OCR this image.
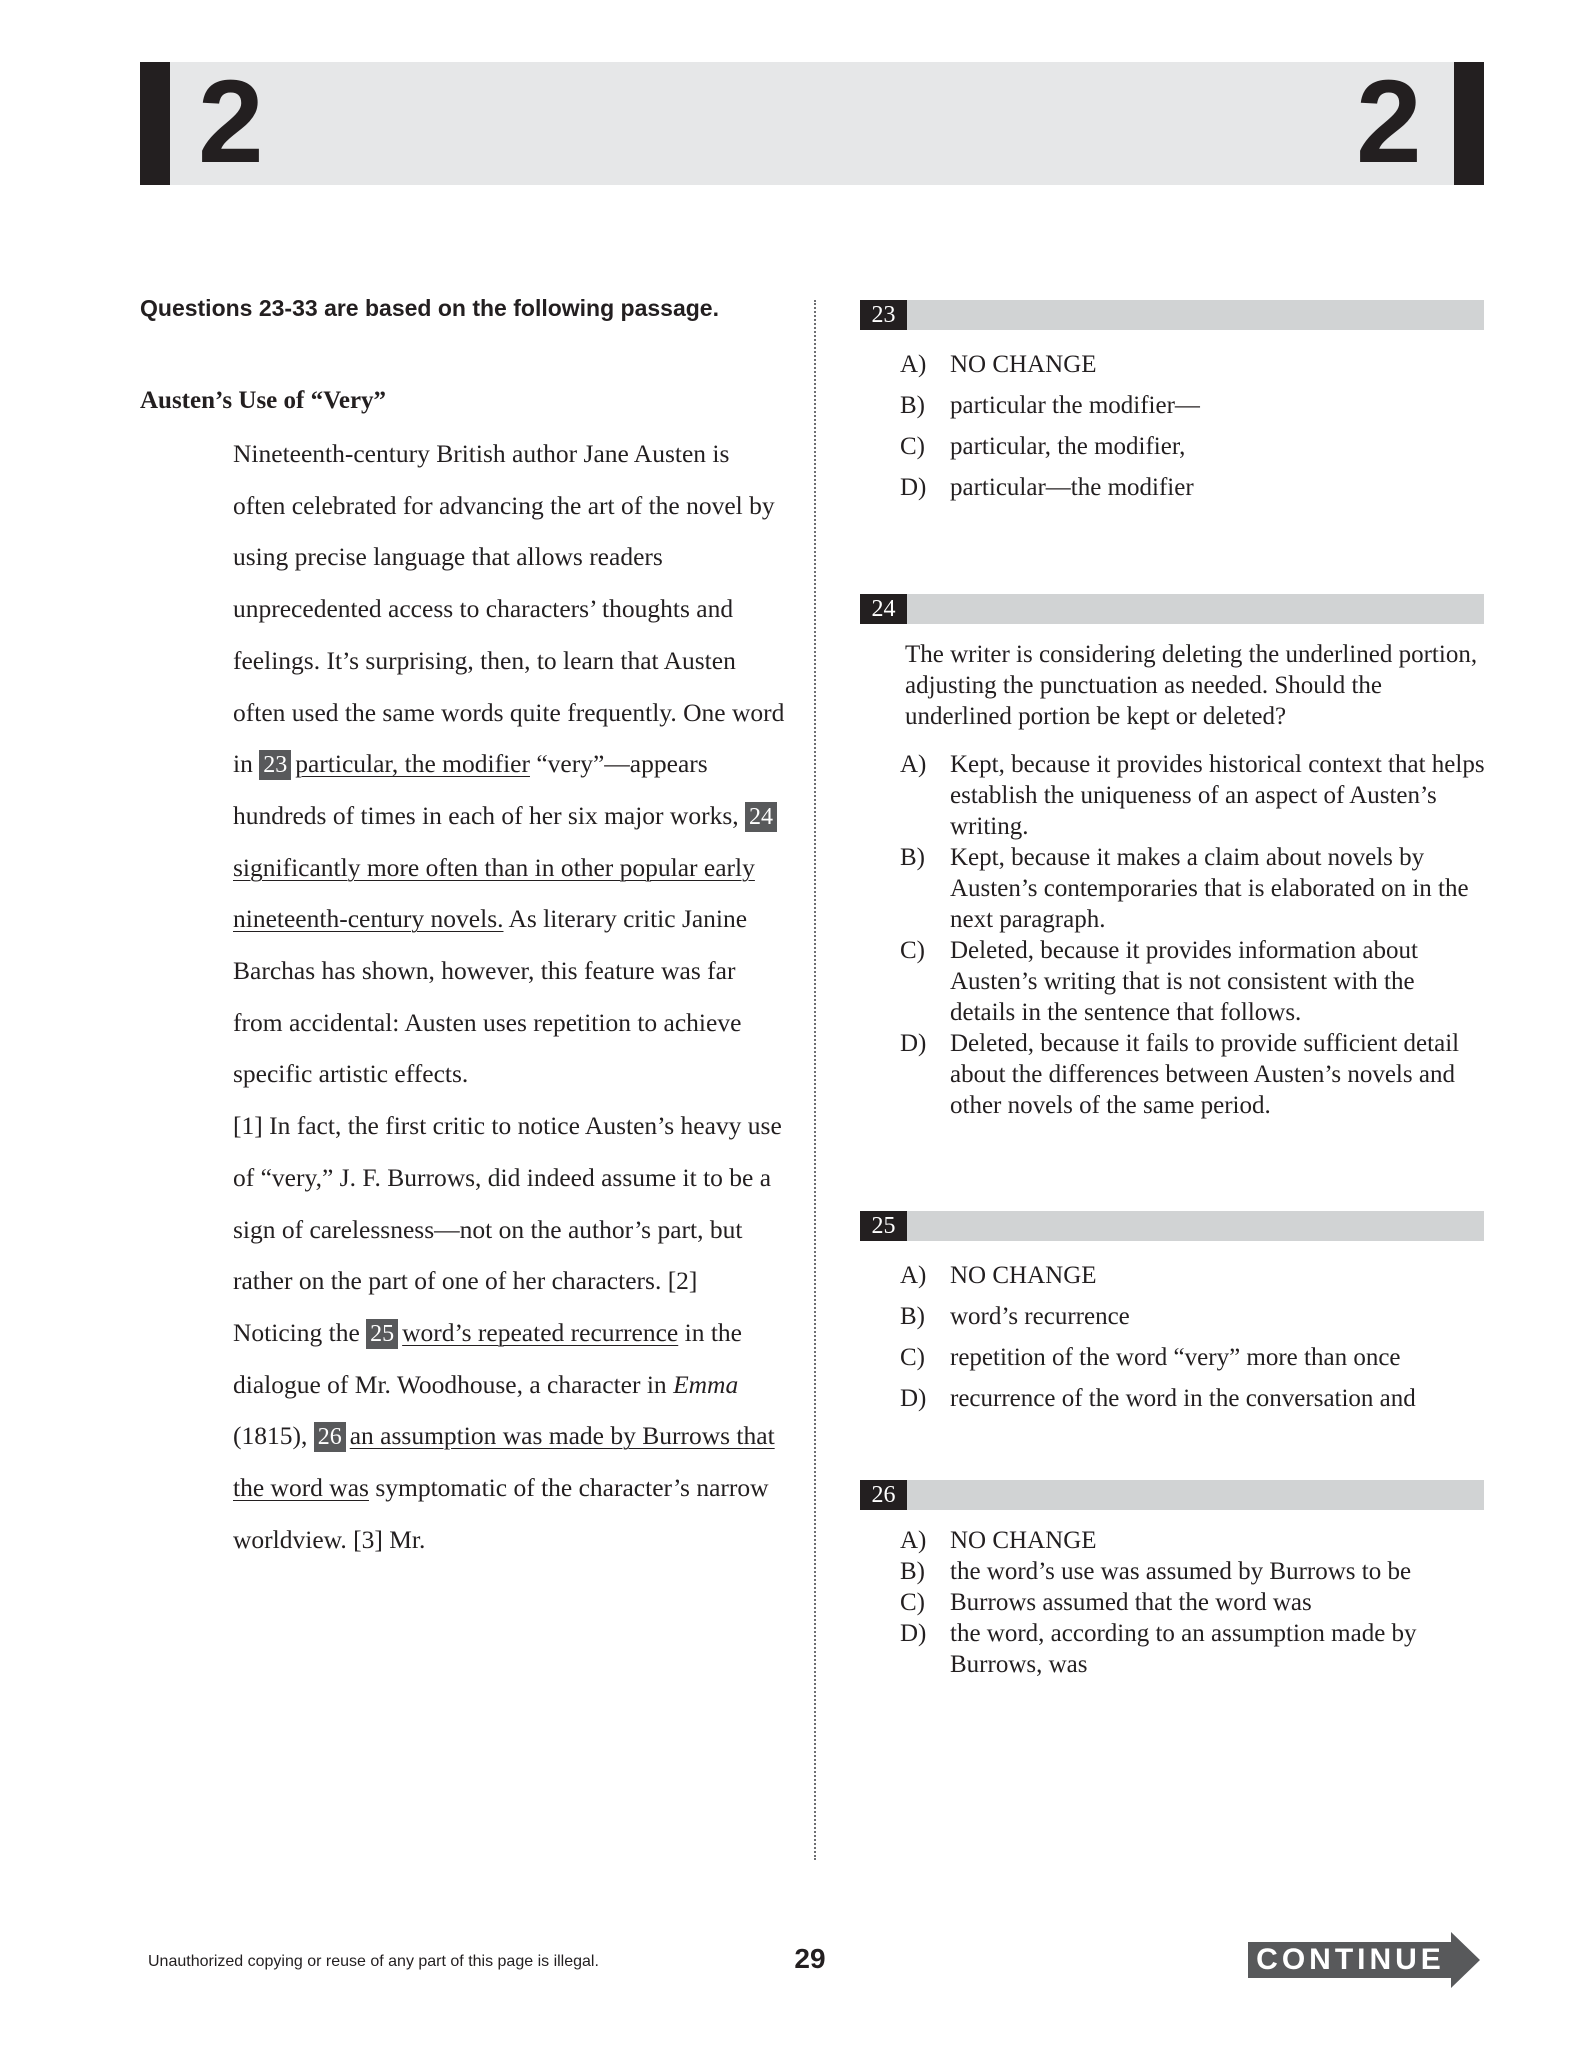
2	2
Questions 23-33 are based on the following passage.
Austen’s Use of “Very”

Nineteenth-century British author Jane Austen is often celebrated for advancing the art of the novel by using precise language that allows readers unprecedented access to characters’ thoughts and feelings. It’s surprising, then, to learn that Austen often used the same words quite frequently. One word in 23 particular, the modifier “very”—appears hundreds of times in each of her six major works, 24significantly more often than in other popular early nineteenth-century novels. As literary critic Janine Barchas has shown, however, this feature was far from accidental: Austen uses repetition to achieve specific artistic effects.

[1] In fact, the first critic to notice Austen’s heavy use of “very,” J. F. Burrows, did indeed assume it to be a sign of carelessness—not on the author’s part, but rather on the part of one of her characters. [2] Noticing the 25 word’s repeated recurrence in the dialogue of Mr. Woodhouse, a character in Emma (1815), 26 an assumption was made by Burrows that the word was symptomatic of the character’s narrow worldview. [3] Mr.

23
A) NO CHANGE
B) particular the modifier—
C) particular, the modifier,
D) particular—the modifier
24
The writer is considering deleting the underlined portion, adjusting the punctuation as needed. Should the underlined portion be kept or deleted?
A) Kept, because it provides historical context that helps establish the uniqueness of an aspect of Austen’s writing.
B) Kept, because it makes a claim about novels by Austen’s contemporaries that is elaborated on in the next paragraph.
C) Deleted, because it provides information about Austen’s writing that is not consistent with the details in the sentence that follows.
D) Deleted, because it fails to provide sufficient detail about the differences between Austen’s novels and other novels of the same period.
25
A) NO CHANGE
B) word’s recurrence
C) repetition of the word “very” more than once
D) recurrence of the word in the conversation and
26
A) NO CHANGE
B) the word’s use was assumed by Burrows to be
C) Burrows assumed that the word was
D) the word, according to an assumption made by Burrows, was
Unauthorized copying or reuse of any part of this page is illegal.	29	CONTINUE
